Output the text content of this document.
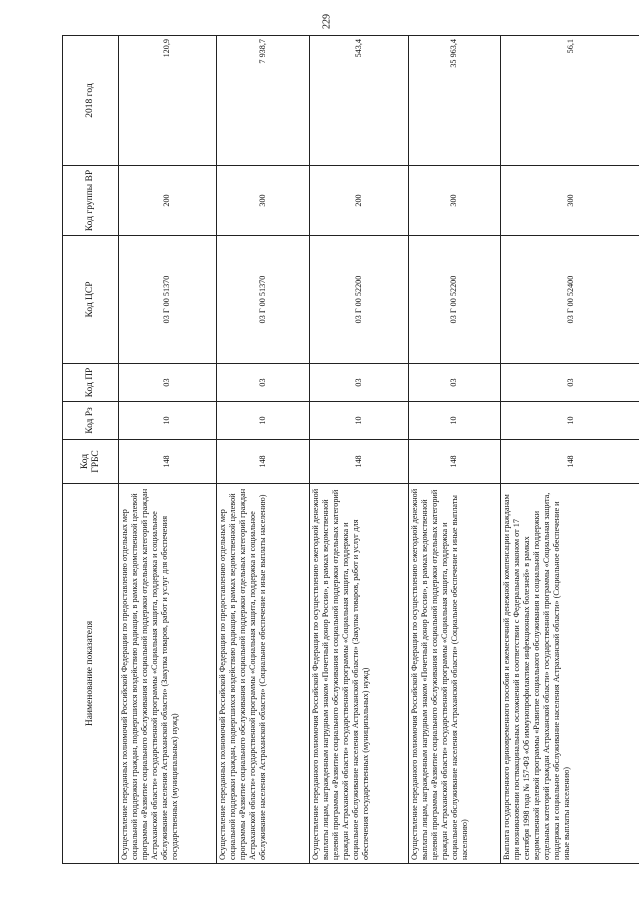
229
Наименование показателя	Код ГРБС	Код Рз	Код ПР	Код ЦСР	Код группы ВР	2018 год
Осуществление переданных полномочий Российской Федерации по предоставлению отдельных мер социальной поддержки граждан, подвергшихся воздействию радиации, в рамках ведомственной целевой программы «Развитие социального обслуживания и социальной поддержки отдельных категорий граждан Астраханской области» государственной программы «Социальная защита, поддержка и социальное обслуживание населения Астраханской области» (Закупка товаров, работ и услуг для обеспечения государственных (муниципальных) нужд)	148	10	03	03 Г 00 51370	200	120,9
Осуществление переданных полномочий Российской Федерации по предоставлению отдельных мер социальной поддержки граждан, подвергшихся воздействию радиации, в рамках ведомственной целевой программы «Развитие социального обслуживания и социальной поддержки отдельных категорий граждан Астраханской области» государственной программы «Социальная защита, поддержка и социальное обслуживание населения Астраханской области» (Социальное обеспечение и иные выплаты населению)	148	10	03	03 Г 00 51370	300	7 938,7
Осуществление переданного полномочия Российской Федерации по осуществлению ежегодной денежной выплаты лицам, награжденным нагрудным знаком «Почетный донор России», в рамках ведомственной целевой программы «Развитие социального обслуживания и социальной поддержки отдельных категорий граждан Астраханской области» государственной программы «Социальная защита, поддержка и социальное обслуживание населения Астраханской области» (Закупка товаров, работ и услуг для обеспечения государственных (муниципальных) нужд)	148	10	03	03 Г 00 52200	200	543,4
Осуществление переданного полномочия Российской Федерации по осуществлению ежегодной денежной выплаты лицам, награжденным нагрудным знаком «Почетный донор России», в рамках ведомственной целевой программы «Развитие социального обслуживания и социальной поддержки отдельных категорий граждан Астраханской области» государственной программы «Социальная защита, поддержка и социальное обслуживание населения Астраханской области» (Социальное обеспечение и иные выплаты населению)	148	10	03	03 Г 00 52200	300	35 963,4
Выплата государственного единовременного пособия и ежемесячной денежной компенсации гражданам при возникновении поствакцинальных осложнений в соответствии с Федеральным законом от 17 сентября 1998 года № 157-ФЗ «Об иммунопрофилактике инфекционных болезней» в рамках ведомственной целевой программы «Развитие социального обслуживания и социальной поддержки отдельных категорий граждан Астраханской области» государственной программы «Социальная защита, поддержка и социальное обслуживание населения Астраханской области» (Социальное обеспечение и иные выплаты населению)	148	10	03	03 Г 00 52400	300	56,1
